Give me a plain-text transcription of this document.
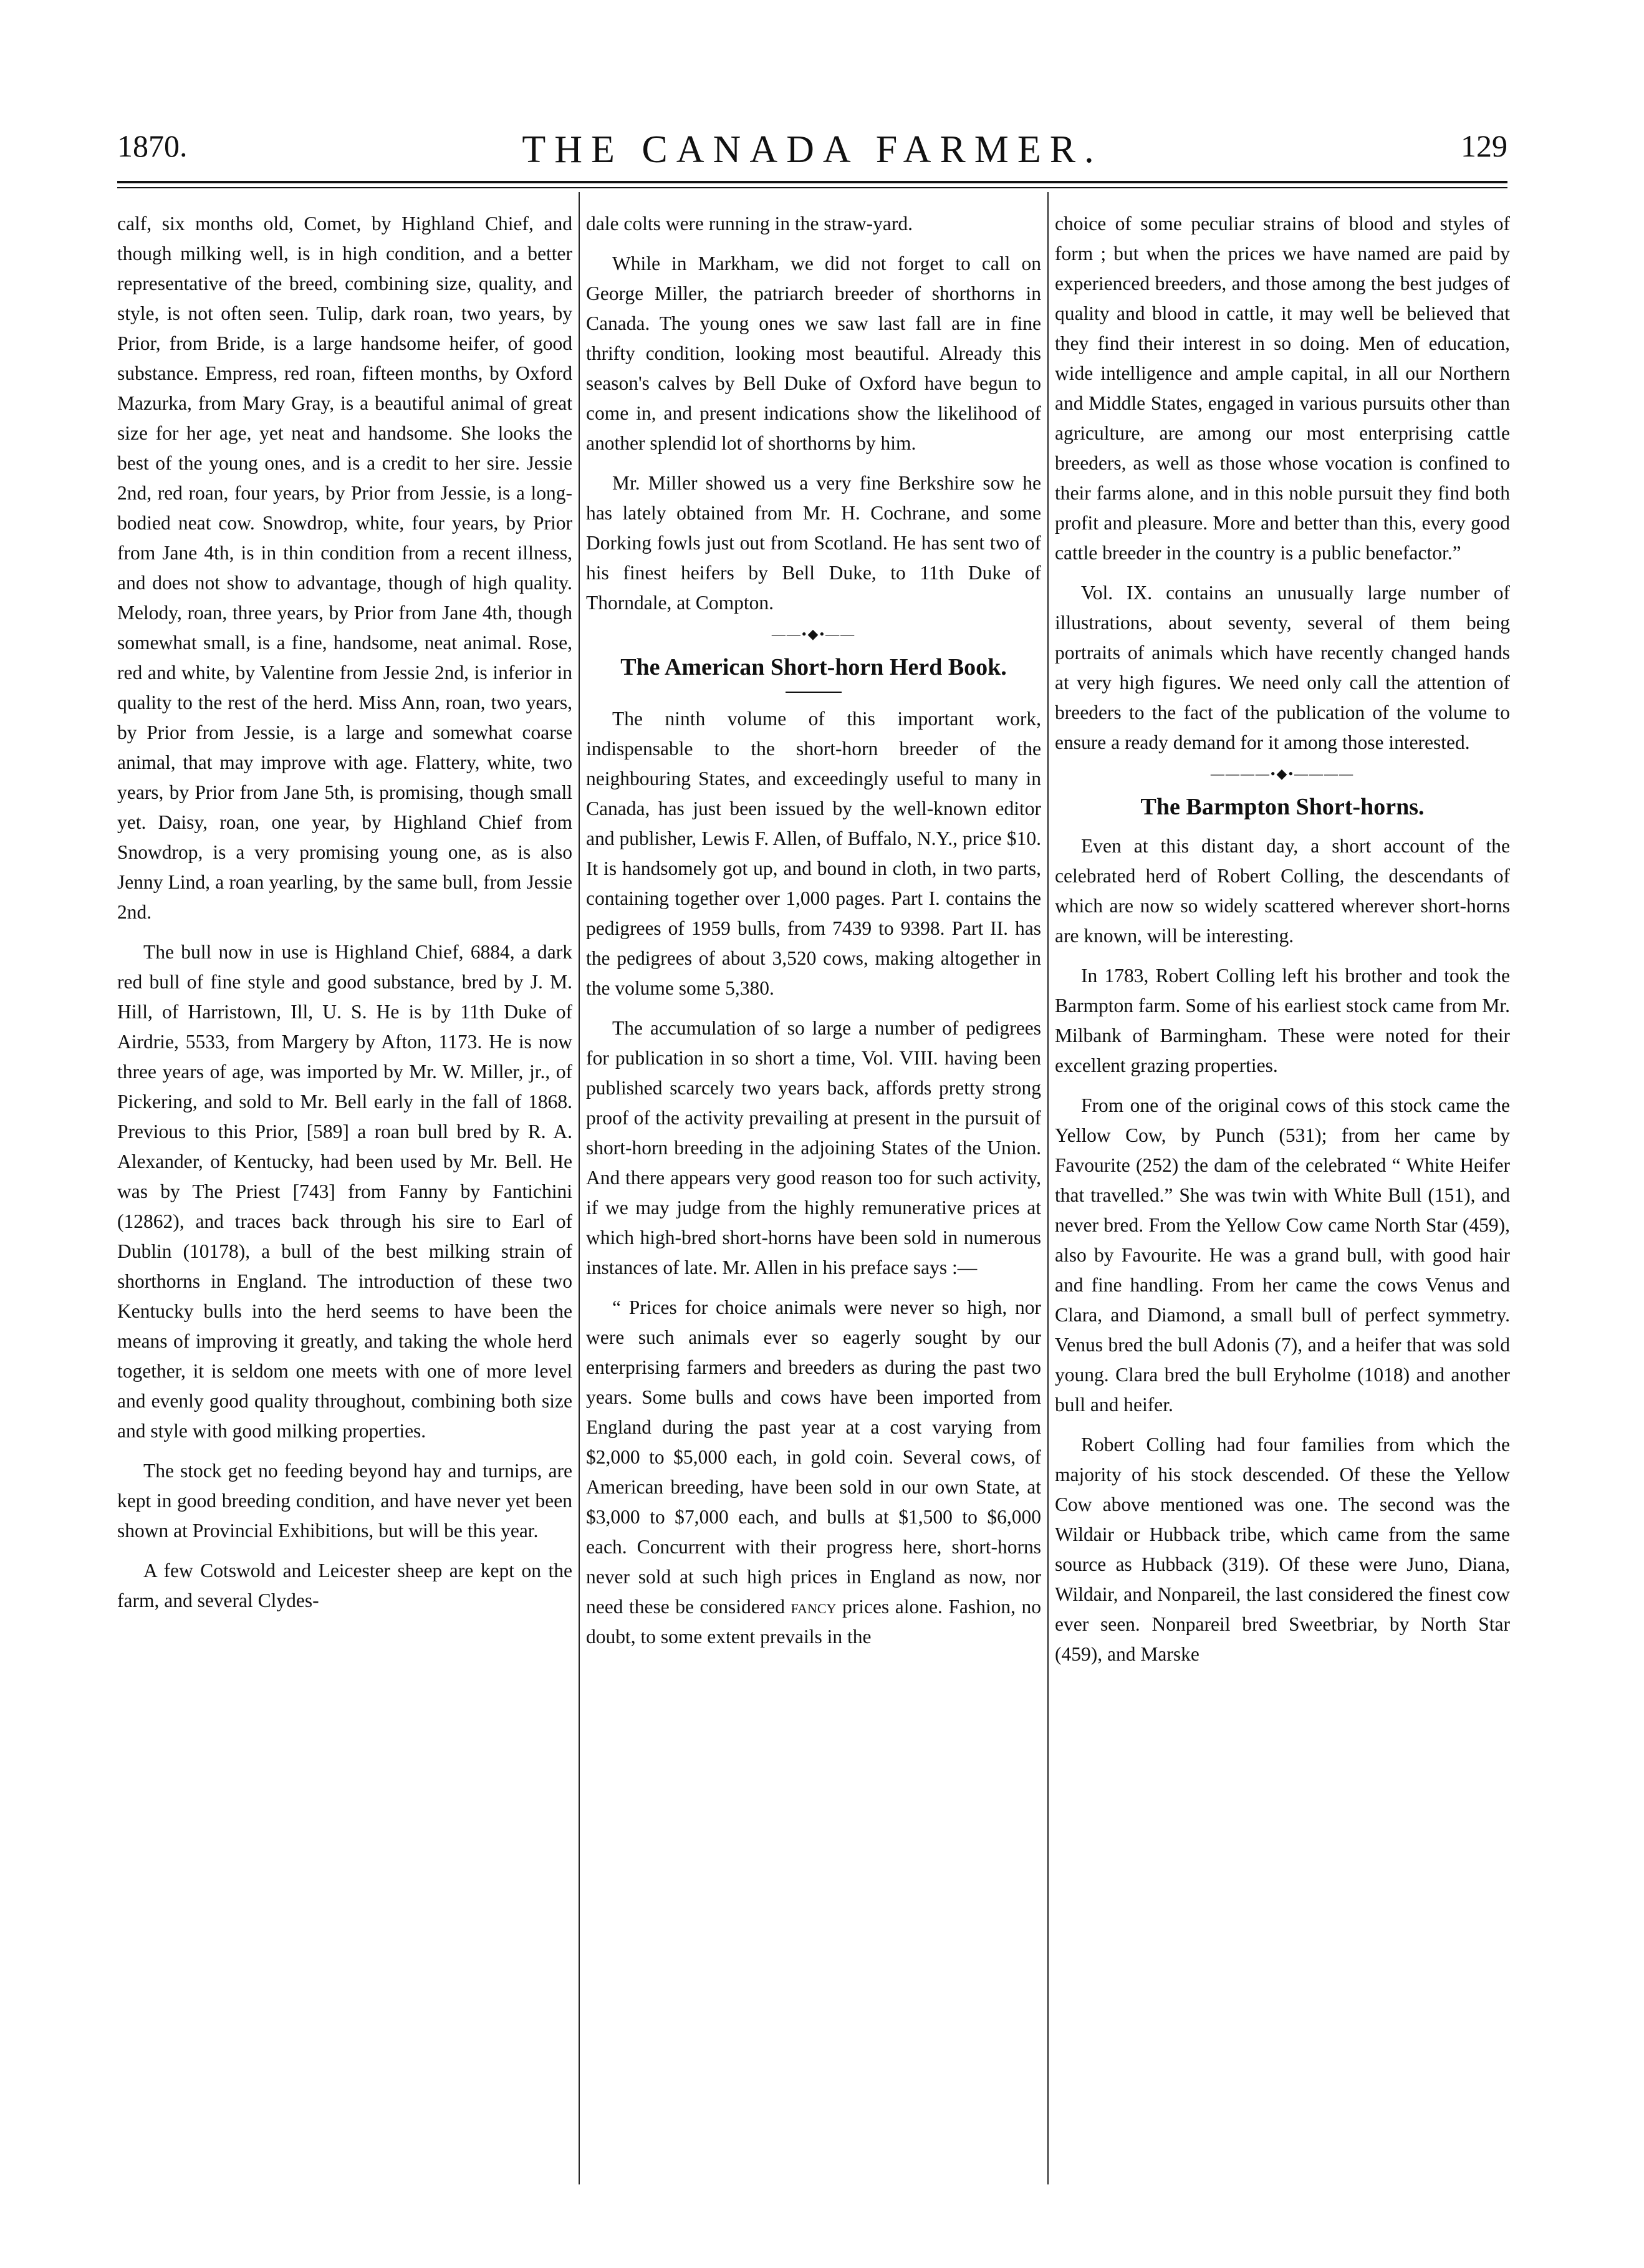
1870.	THE CANADA FARMER.	129

calf, six months old, Comet, by Highland Chief, and though milking well, is in high condition, and a better representative of the breed, combining size, quality, and style, is not often seen. Tulip, dark roan, two years, by Prior, from Bride, is a large handsome heifer, of good substance. Empress, red roan, fifteen months, by Oxford Mazurka, from Mary Gray, is a beautiful animal of great size for her age, yet neat and handsome. She looks the best of the young ones, and is a credit to her sire. Jessie 2nd, red roan, four years, by Prior from Jessie, is a long-bodied neat cow. Snowdrop, white, four years, by Prior from Jane 4th, is in thin condition from a recent illness, and does not show to advantage, though of high quality. Melody, roan, three years, by Prior from Jane 4th, though somewhat small, is a fine, handsome, neat animal. Rose, red and white, by Valentine from Jessie 2nd, is inferior in quality to the rest of the herd. Miss Ann, roan, two years, by Prior from Jessie, is a large and somewhat coarse animal, that may improve with age. Flattery, white, two years, by Prior from Jane 5th, is promising, though small yet. Daisy, roan, one year, by Highland Chief from Snowdrop, is a very promising young one, as is also Jenny Lind, a roan yearling, by the same bull, from Jessie 2nd.

The bull now in use is Highland Chief, 6884, a dark red bull of fine style and good substance, bred by J. M. Hill, of Harristown, Ill, U. S. He is by 11th Duke of Airdrie, 5533, from Margery by Afton, 1173. He is now three years of age, was imported by Mr. W. Miller, jr., of Pickering, and sold to Mr. Bell early in the fall of 1868. Previous to this Prior, [589] a roan bull bred by R. A. Alexander, of Kentucky, had been used by Mr. Bell. He was by The Priest [743] from Fanny by Fantichini (12862), and traces back through his sire to Earl of Dublin (10178), a bull of the best milking strain of shorthorns in England. The introduction of these two Kentucky bulls into the herd seems to have been the means of improving it greatly, and taking the whole herd together, it is seldom one meets with one of more level and evenly good quality throughout, combining both size and style with good milking properties.

The stock get no feeding beyond hay and turnips, are kept in good breeding condition, and have never yet been shown at Provincial Exhibitions, but will be this year.

A few Cotswold and Leicester sheep are kept on the farm, and several Clydes-

dale colts were running in the straw-yard.

While in Markham, we did not forget to call on George Miller, the patriarch breeder of shorthorns in Canada. The young ones we saw last fall are in fine thrifty condition, looking most beautiful. Already this season's calves by Bell Duke of Oxford have begun to come in, and present indications show the likelihood of another splendid lot of shorthorns by him.

Mr. Miller showed us a very fine Berkshire sow he has lately obtained from Mr. H. Cochrane, and some Dorking fowls just out from Scotland. He has sent two of his finest heifers by Bell Duke, to 11th Duke of Thorndale, at Compton.

——•◆•——
The American Short-horn Herd Book.

The ninth volume of this important work, indispensable to the short-horn breeder of the neighbouring States, and exceedingly useful to many in Canada, has just been issued by the well-known editor and publisher, Lewis F. Allen, of Buffalo, N.Y., price $10. It is handsomely got up, and bound in cloth, in two parts, containing together over 1,000 pages. Part I. contains the pedigrees of 1959 bulls, from 7439 to 9398. Part II. has the pedigrees of about 3,520 cows, making altogether in the volume some 5,380.

The accumulation of so large a number of pedigrees for publication in so short a time, Vol. VIII. having been published scarcely two years back, affords pretty strong proof of the activity prevailing at present in the pursuit of short-horn breeding in the adjoining States of the Union. And there appears very good reason too for such activity, if we may judge from the highly remunerative prices at which high-bred short-horns have been sold in numerous instances of late. Mr. Allen in his preface says :—

“ Prices for choice animals were never so high, nor were such animals ever so eagerly sought by our enterprising farmers and breeders as during the past two years. Some bulls and cows have been imported from England during the past year at a cost varying from $2,000 to $5,000 each, in gold coin. Several cows, of American breeding, have been sold in our own State, at $3,000 to $7,000 each, and bulls at $1,500 to $6,000 each. Concurrent with their progress here, short-horns never sold at such high prices in England as now, nor need these be considered fancy prices alone. Fashion, no doubt, to some extent prevails in the

choice of some peculiar strains of blood and styles of form ; but when the prices we have named are paid by experienced breeders, and those among the best judges of quality and blood in cattle, it may well be believed that they find their interest in so doing. Men of education, wide intelligence and ample capital, in all our Northern and Middle States, engaged in various pursuits other than agriculture, are among our most enterprising cattle breeders, as well as those whose vocation is confined to their farms alone, and in this noble pursuit they find both profit and pleasure. More and better than this, every good cattle breeder in the country is a public benefactor.”

Vol. IX. contains an unusually large number of illustrations, about seventy, several of them being portraits of animals which have recently changed hands at very high figures. We need only call the attention of breeders to the fact of the publication of the volume to ensure a ready demand for it among those interested.

————•◆•————
The Barmpton Short-horns.

Even at this distant day, a short account of the celebrated herd of Robert Colling, the descendants of which are now so widely scattered wherever short-horns are known, will be interesting.

In 1783, Robert Colling left his brother and took the Barmpton farm. Some of his earliest stock came from Mr. Milbank of Barmingham. These were noted for their excellent grazing properties.

From one of the original cows of this stock came the Yellow Cow, by Punch (531); from her came by Favourite (252) the dam of the celebrated “ White Heifer that travelled.” She was twin with White Bull (151), and never bred. From the Yellow Cow came North Star (459), also by Favourite. He was a grand bull, with good hair and fine handling. From her came the cows Venus and Clara, and Diamond, a small bull of perfect symmetry. Venus bred the bull Adonis (7), and a heifer that was sold young. Clara bred the bull Eryholme (1018) and another bull and heifer.

Robert Colling had four families from which the majority of his stock descended. Of these the Yellow Cow above mentioned was one. The second was the Wildair or Hubback tribe, which came from the same source as Hubback (319). Of these were Juno, Diana, Wildair, and Nonpareil, the last considered the finest cow ever seen. Nonpareil bred Sweetbriar, by North Star (459), and Marske
